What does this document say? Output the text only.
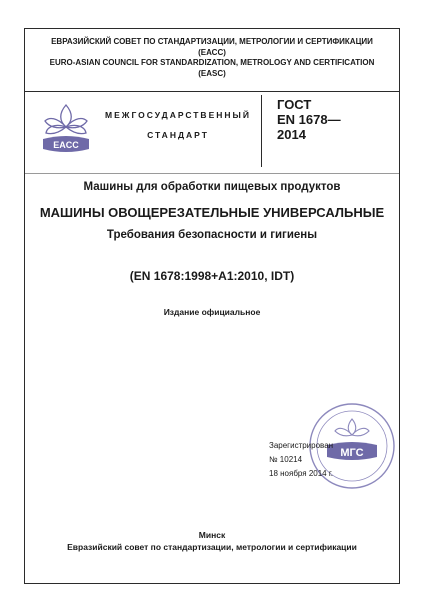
ЕВРАЗИЙСКИЙ СОВЕТ ПО СТАНДАРТИЗАЦИИ, МЕТРОЛОГИИ И СЕРТИФИКАЦИИ
(ЕАСС)
EURO-ASIAN COUNCIL FOR STANDARDIZATION, METROLOGY AND CERTIFICATION
(EASC)
EACC
МЕЖГОСУДАРСТВЕННЫЙ
СТАНДАРТ
ГОСТ
EN 1678—
2014
Машины для обработки пищевых продуктов
МАШИНЫ ОВОЩЕРЕЗАТЕЛЬНЫЕ УНИВЕРСАЛЬНЫЕ
Требования безопасности и гигиены
(EN 1678:1998+A1:2010, IDT)
Издание официальное
МГС
Зарегистрирован
№ 10214
18 ноября 2014 г.
Минск
Евразийский совет по стандартизации, метрологии и сертификации
